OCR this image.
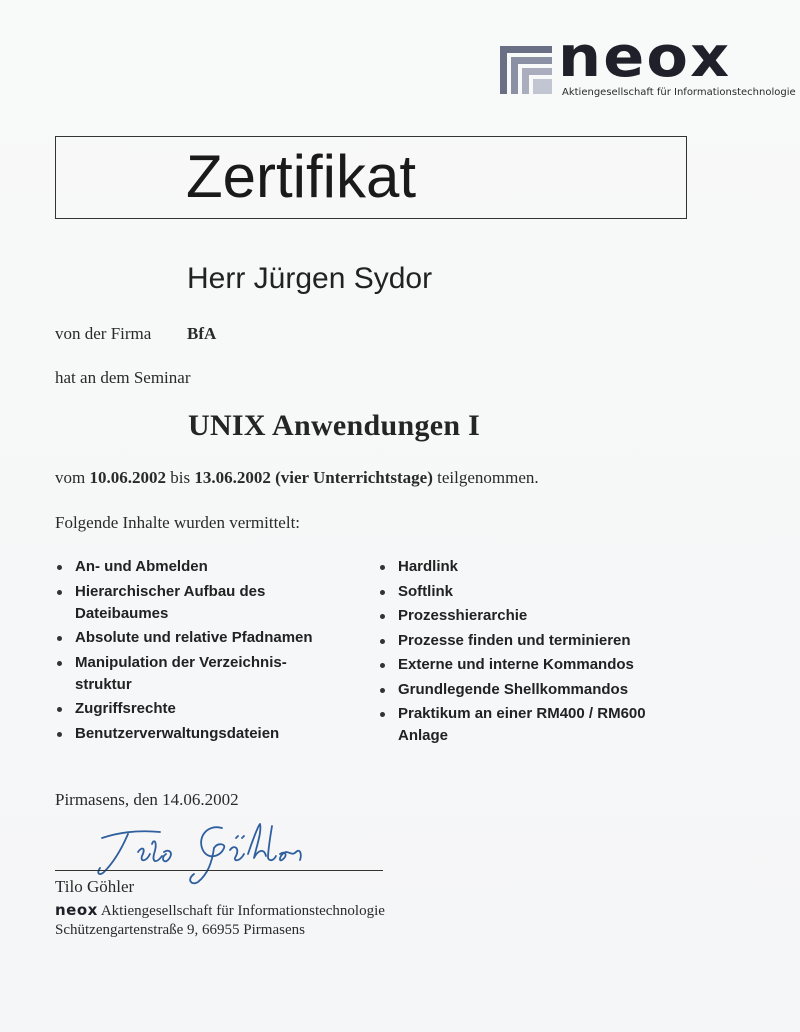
neox
Aktiengesellschaft für Informationstechnologie
Zertifikat
Herr Jürgen Sydor
von der Firma BfA
hat an dem Seminar
UNIX Anwendungen I
vom 10.06.2002 bis 13.06.2002 (vier Unterrichtstage) teilgenommen.
Folgende Inhalte wurden vermittelt:
An- und Abmelden
Hierarchischer Aufbau des
Dateibaumes
Absolute und relative Pfadnamen
Manipulation der Verzeichnis-
struktur
Zugriffsrechte
Benutzerverwaltungsdateien
Hardlink
Softlink
Prozesshierarchie
Prozesse finden und terminieren
Externe und interne Kommandos
Grundlegende Shellkommandos
Praktikum an einer RM400 / RM600
Anlage
Pirmasens, den 14.06.2002
Tilo Göhler
neox Aktiengesellschaft für Informationstechnologie
Schützengartenstraße 9, 66955 Pirmasens
